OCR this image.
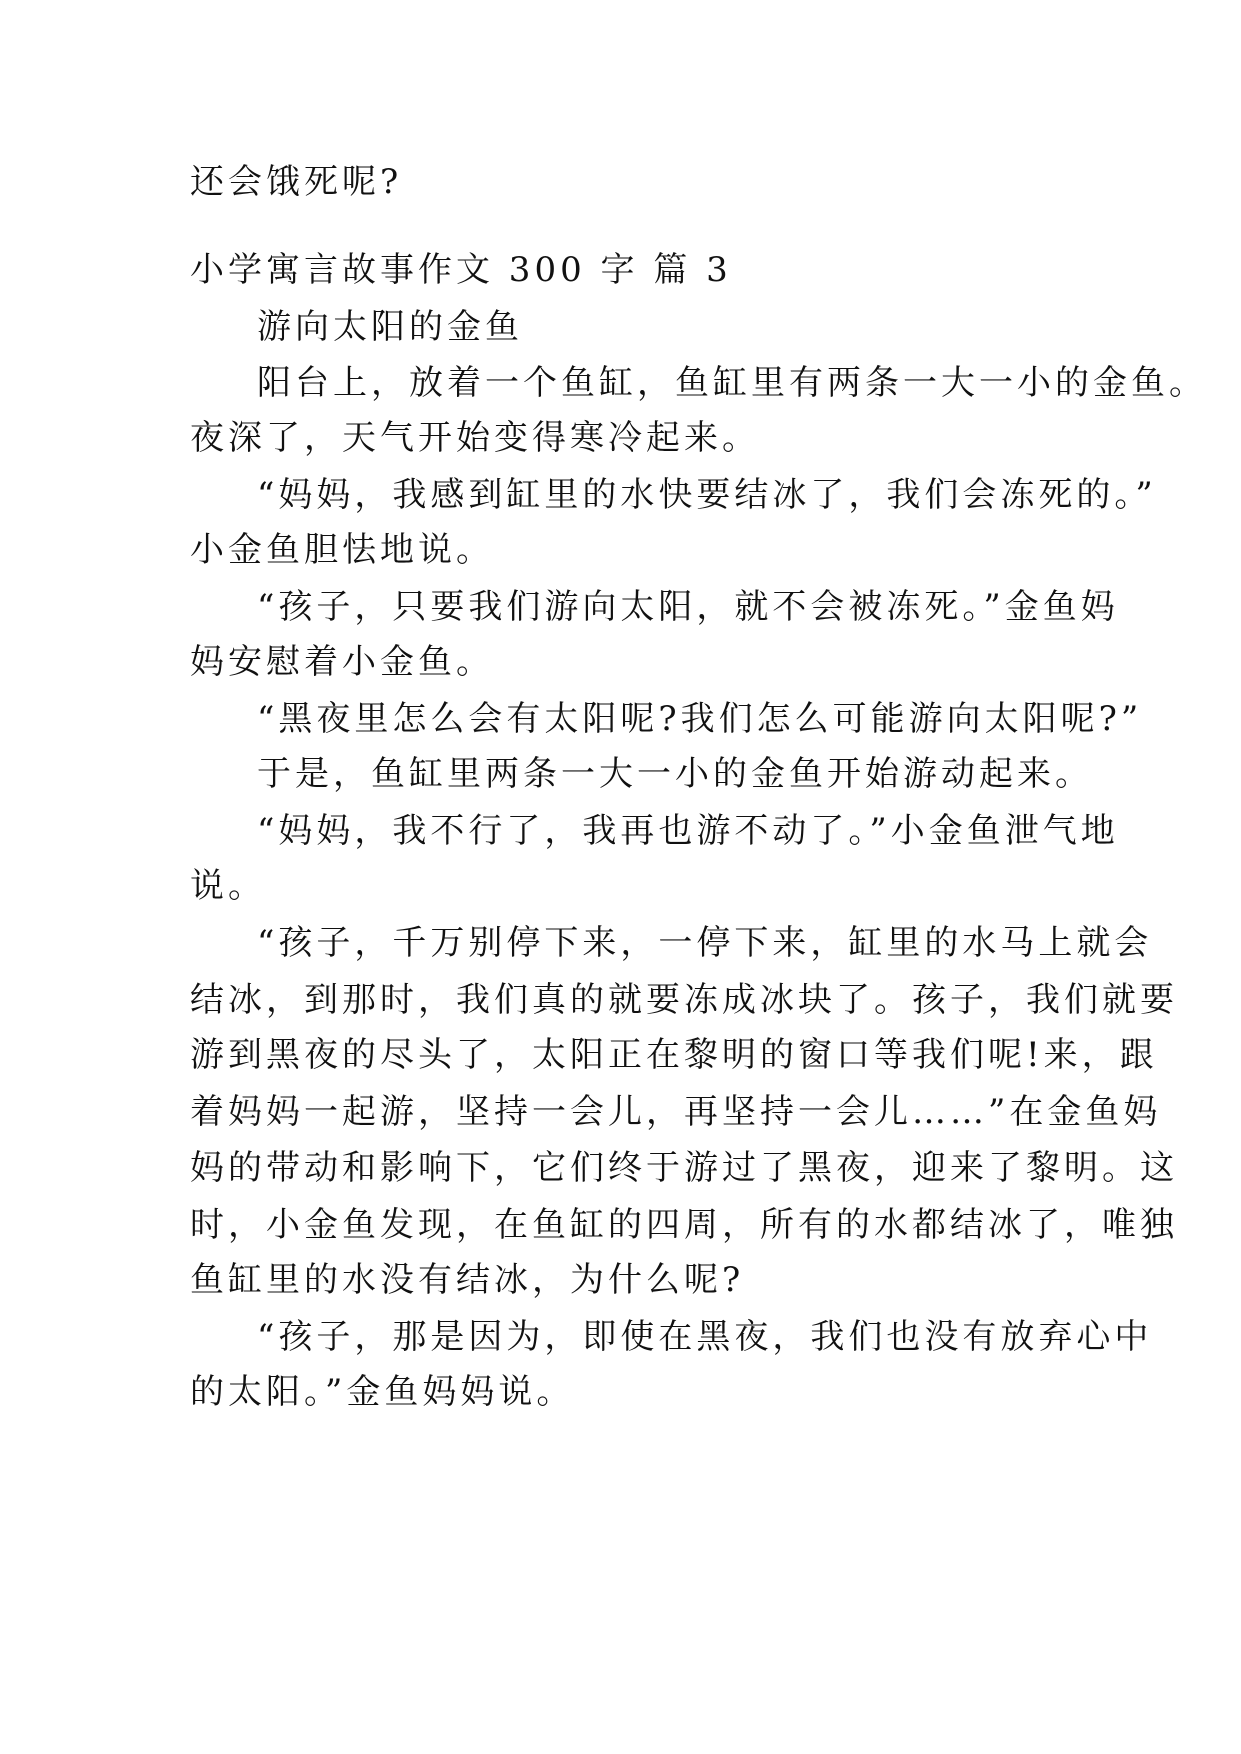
还会饿死呢?
小学寓言故事作文 300 字 篇 3
游向太阳的金鱼
阳台上，放着一个鱼缸，鱼缸里有两条一大一小的金鱼。
夜深了，天气开始变得寒冷起来。
“妈妈，我感到缸里的水快要结冰了，我们会冻死的。”
小金鱼胆怯地说。
“孩子，只要我们游向太阳，就不会被冻死。”金鱼妈
妈安慰着小金鱼。
“黑夜里怎么会有太阳呢?我们怎么可能游向太阳呢?”
于是，鱼缸里两条一大一小的金鱼开始游动起来。
“妈妈，我不行了，我再也游不动了。”小金鱼泄气地
说。
“孩子，千万别停下来，一停下来，缸里的水马上就会
结冰，到那时，我们真的就要冻成冰块了。孩子，我们就要
游到黑夜的尽头了，太阳正在黎明的窗口等我们呢!来，跟
着妈妈一起游，坚持一会儿，再坚持一会儿……”在金鱼妈
妈的带动和影响下，它们终于游过了黑夜，迎来了黎明。这
时，小金鱼发现，在鱼缸的四周，所有的水都结冰了，唯独
鱼缸里的水没有结冰，为什么呢?
“孩子，那是因为，即使在黑夜，我们也没有放弃心中
的太阳。”金鱼妈妈说。
